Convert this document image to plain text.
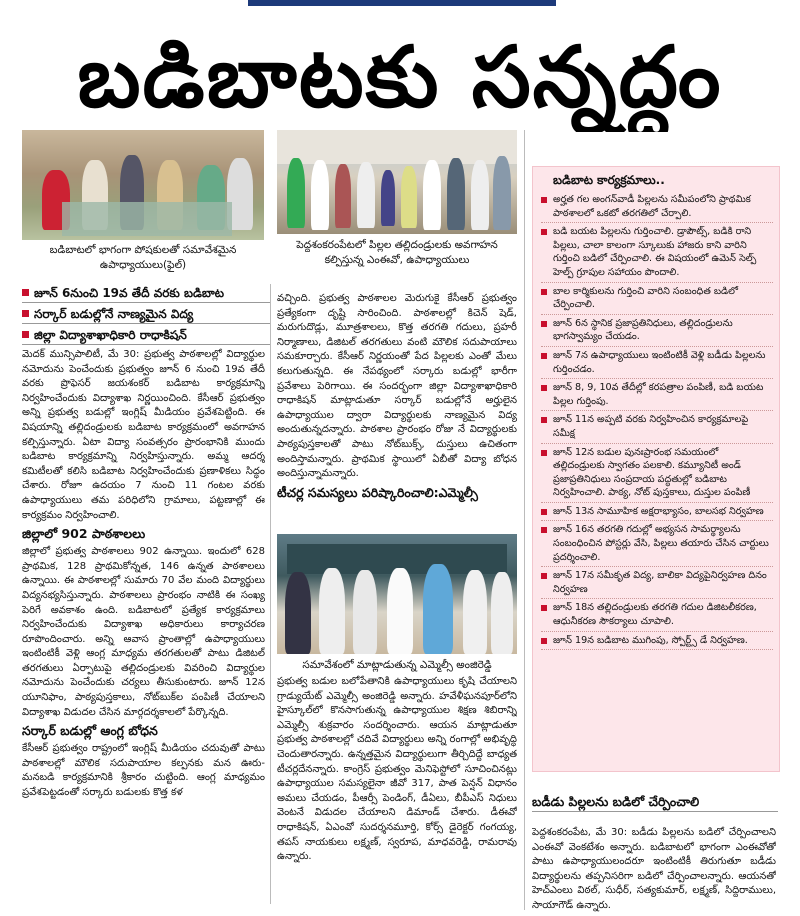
బడిబాటకు సన్నద్ధం
బడిబాటలో భాగంగా పోషకులతో సమావేశమైన ఉపాధ్యాయులు(ఫైల్)
పెద్దశంకరంపేటలో పిల్లల తల్లిదండ్రులకు అవగాహన కల్పిస్తున్న ఎంఈవో, ఉపాధ్యాయులు
జూన్ 6నుంచి 19వ తేదీ వరకు బడిబాట
సర్కార్ బడుల్లోనే నాణ్యమైన విద్య
జిల్లా విద్యాశాఖాధికారి రాధాకిషన్
మెదక్ మున్సిపాలిటీ, మే 30: ప్రభుత్వ పాఠశాలల్లో విద్యార్థుల నమోదును పెంచేందుకు ప్రభుత్వం జూన్ 6 నుంచి 19వ తేదీ వరకు ప్రొఫెసర్ జయశంకర్ బడిబాట కార్యక్రమాన్ని నిర్వహించేందుకు విద్యాశాఖ నిర్ణయించింది. కేసీఆర్ ప్రభుత్వం అన్ని ప్రభుత్వ బడుల్లో ఇంగ్లిష్ మీడియం ప్రవేశపెట్టింది. ఈ విషయాన్ని తల్లిదండ్రులకు బడిబాట కార్యక్రమంలో అవగాహన కల్పిస్తున్నారు. ఏటా విద్యా సంవత్సరం ప్రారంభానికి ముందు బడిబాట కార్యక్రమాన్ని నిర్వహిస్తున్నారు. అమ్మ ఆదర్శ కమిటీలతో కలిసి బడిబాట నిర్వహించేందుకు ప్రణాళికలు సిద్ధం చేశారు. రోజూ ఉదయం 7 నుంచి 11 గంటల వరకు ఉపాధ్యాయులు తమ పరిధిలోని గ్రామాలు, పట్టణాల్లో ఈ కార్యక్రమం నిర్వహించాలి.
జిల్లాలో 902 పాఠశాలలు
జిల్లాలో ప్రభుత్వ పాఠశాలలు 902 ఉన్నాయి. ఇందులో 628 ప్రాథమిక, 128 ప్రాథమికోన్నత, 146 ఉన్నత పాఠశాలలు ఉన్నాయి. ఈ పాఠశాలల్లో సుమారు 70 వేల మంది విద్యార్థులు విద్యనభ్యసిస్తున్నారు. పాఠశాలలు ప్రారంభం నాటికి ఈ సంఖ్య పెరిగే అవకాశం ఉంది. బడిబాటలో ప్రత్యేక కార్యక్రమాలు నిర్వహించేందుకు విద్యాశాఖ అధికారులు కార్యాచరణ రూపొందించారు. అన్ని ఆవాస ప్రాంతాల్లో ఉపాధ్యాయులు ఇంటింటికీ వెళ్లి ఆంగ్ల మాధ్యమ తరగతులతో పాటు డిజిటల్ తరగతులు ఏర్పాటుపై తల్లిదండ్రులకు వివరించి విద్యార్థుల నమోదును పెంచేందుకు చర్యలు తీసుకుంటారు. జూన్ 12న యూనిఫాం, పాఠ్యపుస్తకాలు, నోట్‌బుక్‌ల పంపిణీ చేయాలని విద్యాశాఖ విడుదల చేసిన మార్గదర్శకాలలో పేర్కొన్నది.
సర్కార్ బడుల్లో ఆంగ్ల బోధన
కేసీఆర్ ప్రభుత్వం రాష్ట్రంలో ఇంగ్లిష్ మీడియం చదువుతో పాటు పాఠశాలల్లో మౌలిక సదుపాయాల కల్పనకు మన ఊరు- మనబడి కార్యక్రమానికి శ్రీకారం చుట్టింది. ఆంగ్ల మాధ్యమం ప్రవేశపెట్టడంతో సర్కారు బడులకు కొత్త కళ
వచ్చింది. ప్రభుత్వ పాఠశాలల మెరుగుకై కేసీఆర్ ప్రభుత్వం ప్రత్యేకంగా దృష్టి సారించింది. పాఠశాలల్లో కిచెన్ షెడ్, మరుగుదొడ్లు, మూత్రశాలలు, కొత్త తరగతి గదులు, ప్రహరీ నిర్మాణాలు, డిజిటల్ తరగతులు వంటి మౌలిక సదుపాయాలు సమకూర్చారు. కేసీఆర్ నిర్ణయంతో పేద పిల్లలకు ఎంతో మేలు కలుగుతున్నది. ఈ నేపథ్యంలో సర్కారు బడుల్లో భారీగా ప్రవేశాలు పెరిగాయి. ఈ సందర్భంగా జిల్లా విద్యాశాఖాధికారి రాధాకిషన్ మాట్లాడుతూ సర్కార్ బడుల్లోనే అర్హులైన ఉపాధ్యాయుల ద్వారా విద్యార్థులకు నాణ్యమైన విద్య అందుతున్నదన్నారు. పాఠశాల ప్రారంభం రోజు నే విద్యార్థులకు పాఠ్యపుస్తకాలతో పాటు నోట్‌బుక్స్, దుస్తులు ఉచితంగా అందిస్తామన్నారు. ప్రాథమిక స్థాయిలో ఏబీతో విద్యా బోధన అందిస్తున్నామన్నారు.
టీచర్ల సమస్యలు పరిష్కారించాలి:ఎమ్మెల్సీ
సమావేశంలో మాట్లాడుతున్న ఎమ్మెల్సీ అంజిరెడ్డి
ప్రభుత్వ బడుల బలోపేతానికి ఉపాధ్యాయులు కృషి చేయాలని గ్రాడ్యుయేట్ ఎమ్మెల్సీ అంజిరెడ్డి అన్నారు. హవేళీఘనపూర్‌లోని హైస్కూల్‌లో కొనసాగుతున్న ఉపాధ్యాయుల శిక్షణ శిబిరాన్ని ఎమ్మెల్సీ శుక్రవారం సందర్శించారు. ఆయన మాట్లాడుతూ ప్రభుత్వ పాఠశాలల్లో చదివే విద్యార్థులు అన్ని రంగాల్లో అభివృద్ధి చెందుతారన్నారు. ఉన్నత్తమైన విద్యార్థులుగా తీర్చిదిద్దే బాధ్యత టీచర్లదేనన్నారు. కాంగ్రెస్ ప్రభుత్వం మెనిఫెస్టోలో సూచించినట్లు ఉపాధ్యాయుల సమస్యలైనా జీవో 317, పాత పెన్షన్ విధానం అమలు చేయడం, పీఆర్సీ పెండింగ్, డీఏలు, బీపీఎస్ నిధులు వెంటనే విడుదల చేయాలని డిమాండ్ చేశారు. డీఈవో రాధాకిషన్, ఏఎంవో సుదర్శనమూర్తి, కోర్స్ డైరెక్టర్ గంగయ్య, తపస్ నాయకులు లక్ష్మణ్, స్వరూప, మాధవరెడ్డి, రామరావు ఉన్నారు.
బడిబాట కార్యక్రమాలు..
అర్హత గల అంగన్‌వాడీ పిల్లలను సమీపంలోని ప్రాథమిక పాఠశాలలో ఒకటో తరగతిలో చేర్పాలి.
బడి బయట పిల్లలను గుర్తించాలి. డ్రాపౌట్స్, బడికి రాని పిల్లలు, చాలా కాలంగా స్కూలుకు హాజరు కాని వారిని గుర్తించి బడిలో చేర్పించాలి. ఈ విషయంలో ఉమెన్ సెల్ప్ హెల్ప్ గ్రూపుల సహాయం పొందాలి.
బాల కార్మికులను గుర్తించి వారిని సంబంధిత బడిలో చేర్పించాలి.
జూన్ 6న స్థానిక ప్రజాప్రతినిధులు, తల్లిదండ్రులను భాగస్వామ్యం చేయడం.
జూన్ 7న ఉపాధ్యాయులు ఇంటింటికీ వెళ్లి బడీడు పిల్లలను గుర్తించడం.
జూన్ 8, 9, 10వ తేదీల్లో కరపత్రాల పంపిణీ, బడి బయట పిల్లల గుర్తింపు.
జూన్ 11న అప్పటి వరకు నిర్వహించిన కార్యక్రమాలపై సమీక్ష
జూన్ 12న బడుల పునఃప్రారంభ సమయంలో తల్లిదండ్రులకు స్వాగతం పలకాలి. కమ్యూనిటీ అండ్ ప్రజాప్రతినిధులు సంప్రదాయ పద్ధతుల్లో బడిబాట నిర్వహించాలి. పాఠ్య, నోట్ పుస్తకాలు, దుస్తుల పంపిణీ
జూన్ 13న సామూహిక అక్షరాభ్యాసం, బాలసభ నిర్వహణ
జూన్ 16న తరగతి గదుల్లో అభ్యసన సామర్థ్యాలను సంబంధించిన పోస్టర్లు వేసి, పిల్లలు తయారు చేసిన చార్టులు ప్రదర్శించాలి.
జూన్ 17న సమీకృత విద్య, బాలికా విద్యపైనిర్వహణ దినం నిర్వహణ
జూన్ 18న తల్లిదండ్రులకు తరగతి గదుల డిజిటలీకరణ, ఆధునీకరణ సౌకర్యాలు చూపాలి.
జూన్ 19న బడిబాట ముగింపు, స్పోర్ట్స్ డే నిర్వహణ.
బడీడు పిల్లలను బడిలో చేర్పించాలి
పెద్దశంకరంపేట, మే 30: బడీడు పిల్లలను బడిలో చేర్పించాలని ఎంఈవో వెంకటేశం అన్నారు. బడిబాటలో భాగంగా ఎంఈవోతో పాటు ఉపాధ్యాయులందరూ ఇంటింటికీ తిరుగుతూ బడీడు విద్యార్థులను తప్పనిసరిగా బడిలో చేర్పించాలన్నారు. ఆయనతో హెచ్‌ఎంలు విఠల్, సుధీర్, సత్యకుమార్, లక్ష్మణ్, సిద్దిరాములు, సాయాగౌడ్ ఉన్నారు.
